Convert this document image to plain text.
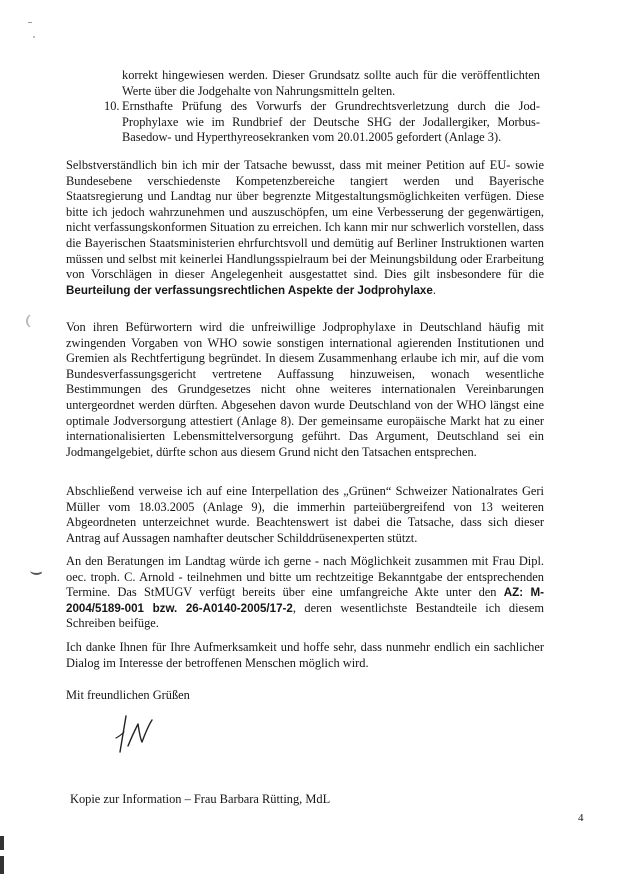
korrekt hingewiesen werden. Dieser Grundsatz sollte auch für die veröffentlichten Werte über die Jodgehalte von Nahrungsmitteln gelten.
10. Ernsthafte Prüfung des Vorwurfs der Grundrechtsverletzung durch die Jod-Prophylaxe wie im Rundbrief der Deutsche SHG der Jodallergiker, Morbus-Basedow- und Hyperthyreosekranken vom 20.01.2005 gefordert (Anlage 3).

Selbstverständlich bin ich mir der Tatsache bewusst, dass mit meiner Petition auf EU- sowie Bundesebene verschiedenste Kompetenzbereiche tangiert werden und Bayerische Staatsregierung und Landtag nur über begrenzte Mitgestaltungsmöglichkeiten verfügen. Diese bitte ich jedoch wahrzunehmen und auszuschöpfen, um eine Verbesserung der gegenwärtigen, nicht verfassungskonformen Situation zu erreichen. Ich kann mir nur schwerlich vorstellen, dass die Bayerischen Staatsministerien ehrfurchtsvoll und demütig auf Berliner Instruktionen warten müssen und selbst mit keinerlei Handlungsspielraum bei der Meinungsbildung oder Erarbeitung von Vorschlägen in dieser Angelegenheit ausgestattet sind. Dies gilt insbesondere für die Beurteilung der verfassungsrechtlichen Aspekte der Jodprohylaxe.

Von ihren Befürwortern wird die unfreiwillige Jodprophylaxe in Deutschland häufig mit zwingenden Vorgaben von WHO sowie sonstigen international agierenden Institutionen und Gremien als Rechtfertigung begründet. In diesem Zusammenhang erlaube ich mir, auf die vom Bundesverfassungsgericht vertretene Auffassung hinzuweisen, wonach wesentliche Bestimmungen des Grundgesetzes nicht ohne weiteres internationalen Vereinbarungen untergeordnet werden dürften. Abgesehen davon wurde Deutschland von der WHO längst eine optimale Jodversorgung attestiert (Anlage 8). Der gemeinsame europäische Markt hat zu einer internationalisierten Lebensmittelversorgung geführt. Das Argument, Deutschland sei ein Jodmangelgebiet, dürfte schon aus diesem Grund nicht den Tatsachen entsprechen.

Abschließend verweise ich auf eine Interpellation des „Grünen“ Schweizer Nationalrates Geri Müller vom 18.03.2005 (Anlage 9), die immerhin parteiübergreifend von 13 weiteren Abgeordneten unterzeichnet wurde. Beachtenswert ist dabei die Tatsache, dass sich dieser Antrag auf Aussagen namhafter deutscher Schilddrüsenexperten stützt.

An den Beratungen im Landtag würde ich gerne - nach Möglichkeit zusammen mit Frau Dipl. oec. troph. C. Arnold - teilnehmen und bitte um rechtzeitige Bekanntgabe der entsprechenden Termine. Das StMUGV verfügt bereits über eine umfangreiche Akte unter den AZ: M-2004/5189-001 bzw. 26-A0140-2005/17-2, deren wesentlichste Bestandteile ich diesem Schreiben beifüge.

Ich danke Ihnen für Ihre Aufmerksamkeit und hoffe sehr, dass nunmehr endlich ein sachlicher Dialog im Interesse der betroffenen Menschen möglich wird.

Mit freundlichen Grüßen
Kopie zur Information – Frau Barbara Rütting, MdL
4
